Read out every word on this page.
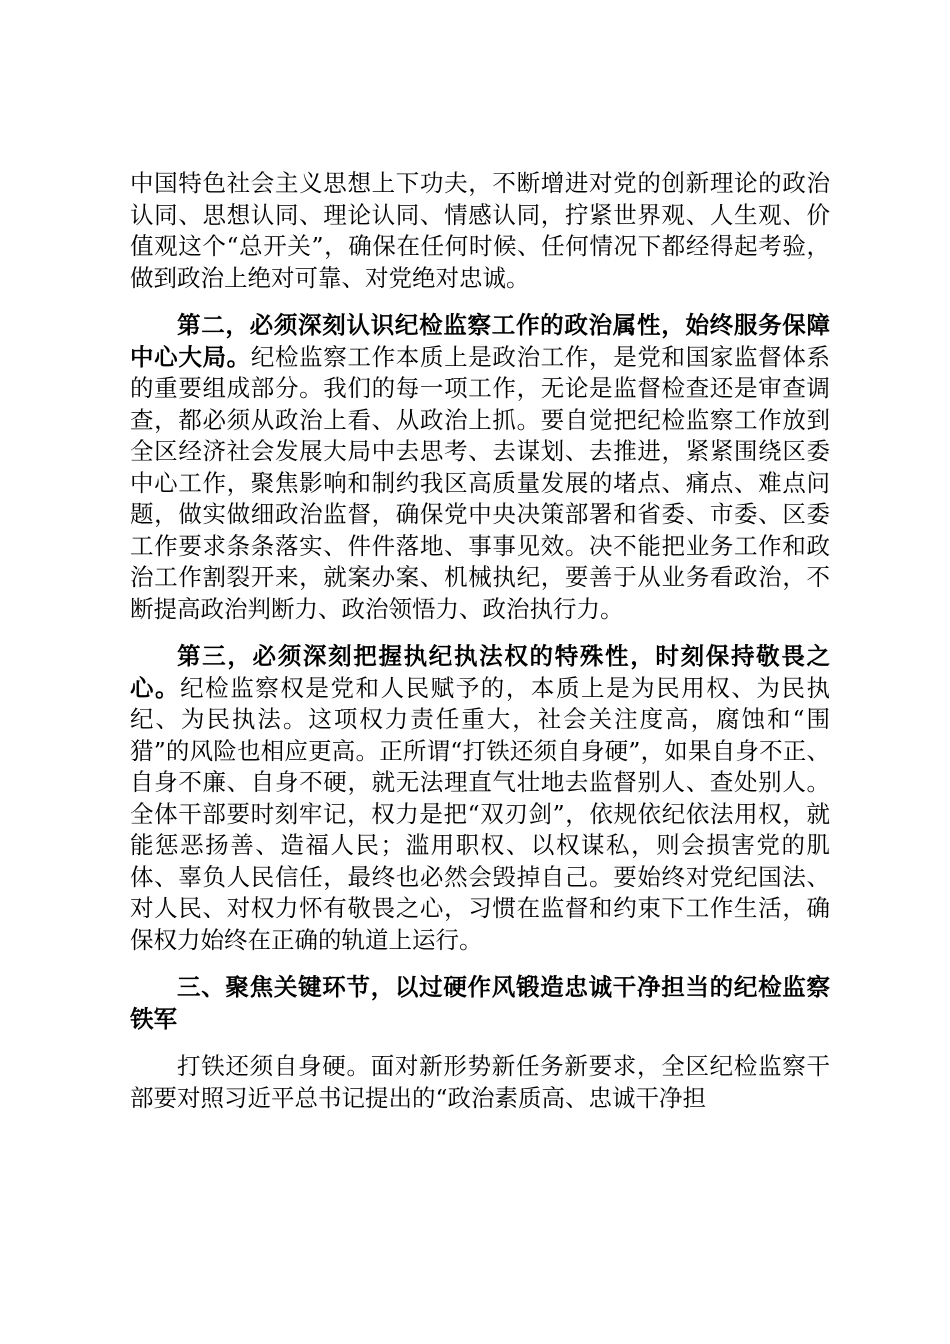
中国特色社会主义思想上下功夫，不断增进对党的创新理论的政治认同、思想认同、理论认同、情感认同，拧紧世界观、人生观、价值观这个“总开关”，确保在任何时候、任何情况下都经得起考验，做到政治上绝对可靠、对党绝对忠诚。

第二，必须深刻认识纪检监察工作的政治属性，始终服务保障中心大局。纪检监察工作本质上是政治工作，是党和国家监督体系的重要组成部分。我们的每一项工作，无论是监督检查还是审查调查，都必须从政治上看、从政治上抓。要自觉把纪检监察工作放到全区经济社会发展大局中去思考、去谋划、去推进，紧紧围绕区委中心工作，聚焦影响和制约我区高质量发展的堵点、痛点、难点问题，做实做细政治监督，确保党中央决策部署和省委、市委、区委工作要求条条落实、件件落地、事事见效。决不能把业务工作和政治工作割裂开来，就案办案、机械执纪，要善于从业务看政治，不断提高政治判断力、政治领悟力、政治执行力。

第三，必须深刻把握执纪执法权的特殊性，时刻保持敬畏之心。纪检监察权是党和人民赋予的，本质上是为民用权、为民执纪、为民执法。这项权力责任重大，社会关注度高，腐蚀和“围猎”的风险也相应更高。正所谓“打铁还须自身硬”，如果自身不正、自身不廉、自身不硬，就无法理直气壮地去监督别人、查处别人。全体干部要时刻牢记，权力是把“双刃剑”，依规依纪依法用权，就能惩恶扬善、造福人民；滥用职权、以权谋私，则会损害党的肌体、辜负人民信任，最终也必然会毁掉自己。要始终对党纪国法、对人民、对权力怀有敬畏之心，习惯在监督和约束下工作生活，确保权力始终在正确的轨道上运行。

三、聚焦关键环节，以过硬作风锻造忠诚干净担当的纪检监察铁军

打铁还须自身硬。面对新形势新任务新要求，全区纪检监察干部要对照习近平总书记提出的“政治素质高、忠诚干净担
